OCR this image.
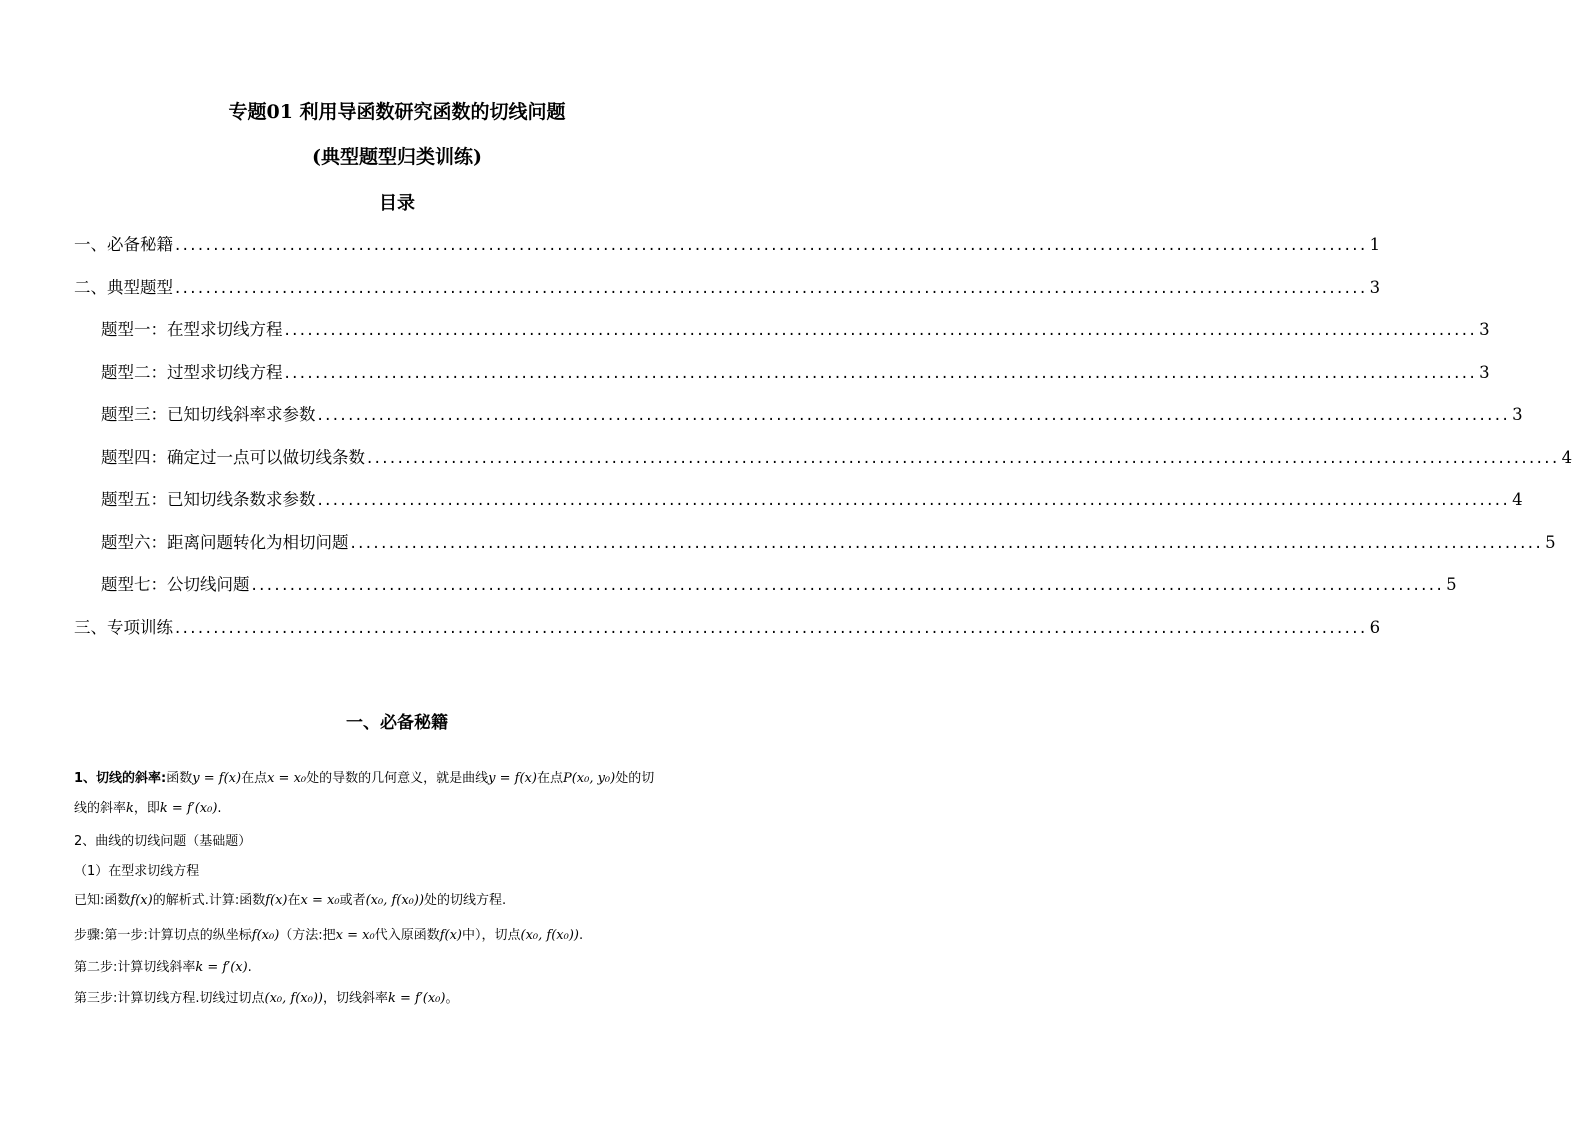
专题01 利用导函数研究函数的切线问题
(典型题型归类训练)
目录
一、必备秘籍 ............................................................................................................................................................ 1
二、典型题型 ............................................................................................................................................................ 3
题型一：在型求切线方程 ............................................................................................................................................................ 3
题型二：过型求切线方程 ............................................................................................................................................................ 3
题型三：已知切线斜率求参数 ............................................................................................................................................................ 3
题型四：确定过一点可以做切线条数 ............................................................................................................................................................ 4
题型五：已知切线条数求参数 ............................................................................................................................................................ 4
题型六：距离问题转化为相切问题 ............................................................................................................................................................ 5
题型七：公切线问题 ............................................................................................................................................................ 5
三、专项训练 ............................................................................................................................................................ 6
一、必备秘籍
1、切线的斜率:函数y = f(x)在点x = x₀处的导数的几何意义，就是曲线y = f(x)在点P(x₀, y₀)处的切
线的斜率k，即k = f′(x₀).
2、曲线的切线问题（基础题）
（1）在型求切线方程
已知:函数f(x)的解析式.计算:函数f(x)在x = x₀或者(x₀, f(x₀))处的切线方程.
步骤:第一步:计算切点的纵坐标f(x₀)（方法:把x = x₀代入原函数f(x)中），切点(x₀, f(x₀)).
第二步:计算切线斜率k = f′(x).
第三步:计算切线方程.切线过切点(x₀, f(x₀))，切线斜率k = f′(x₀)。
